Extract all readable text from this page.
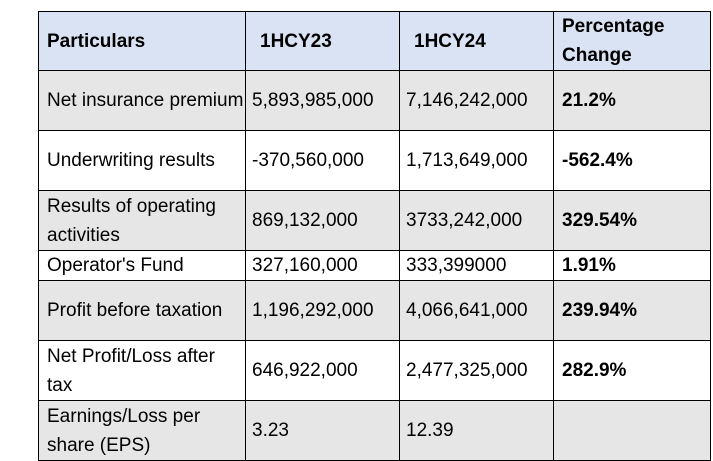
Particulars	1HCY23	1HCY24	Percentage Change
Net insurance premium	5,893,985,000	7,146,242,000	21.2%
Underwriting results	-370,560,000	1,713,649,000	-562.4%
Results of operating activities	869,132,000	3733,242,000	329.54%
Operator's Fund	327,160,000	333,399000	1.91%
Profit before taxation	1,196,292,000	4,066,641,000	239.94%
Net Profit/Loss after tax	646,922,000	2,477,325,000	282.9%
Earnings/Loss per share (EPS)	3.23	12.39	
